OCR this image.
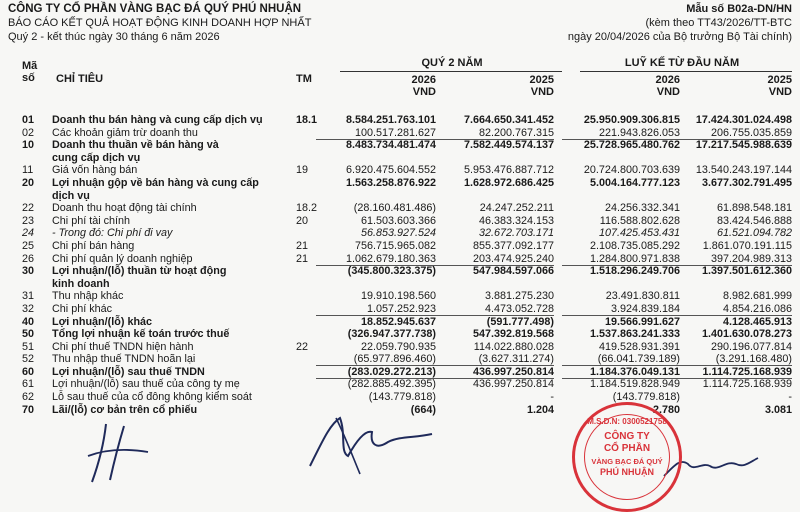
CÔNG TY CỔ PHẦN VÀNG BẠC ĐÁ QUÝ PHÚ NHUẬN
BÁO CÁO KẾT QUẢ HOẠT ĐỘNG KINH DOANH HỢP NHẤT
Quý 2 - kết thúc ngày 30 tháng 6 năm 2026
Mẫu số B02a-DN/HN
(kèm theo TT43/2026/TT-BTC
ngày 20/04/2026 của Bộ trưởng Bộ Tài chính)
Mã
số CHỈ TIÊU	TM
QUÝ 2 NĂM	LUỸ KẾ TỪ ĐẦU NĂM
2026
VND
2025
VND
2026
VND
2025
VND
01 Doanh thu bán hàng và cung cấp dịch vụ	18.1	8.584.251.763.101	7.664.650.341.452	25.950.909.306.815 17.424.301.024.498
02 Các khoản giảm trừ doanh thu	100.517.281.627	82.200.767.315	221.943.826.053	206.755.035.859
10 Doanh thu thuần về bán hàng và	8.483.734.481.474	7.582.449.574.137	25.728.965.480.762 17.217.545.988.639
cung cấp dịch vụ
11 Giá vốn hàng bán	19	6.920.475.604.552	5.953.476.887.712	20.724.800.703.639 13.540.243.197.144
20 Lợi nhuận gộp về bán hàng và cung cấp	1.563.258.876.922	1.628.972.686.425	5.004.164.777.123 3.677.302.791.495
dịch vụ
22 Doanh thu hoạt động tài chính	18.2	(28.160.481.486)	24.247.252.211	24.256.332.341	61.898.548.181
23 Chi phí tài chính	20	61.503.603.366	46.383.324.153	116.588.802.628	83.424.546.888
24 - Trong đó: Chi phí đi vay	56.853.927.524	32.672.703.171	107.425.453.431	61.521.094.782
25 Chi phí bán hàng	21	756.715.965.082	855.377.092.177	2.108.735.085.292 1.861.070.191.115
26 Chi phí quản lý doanh nghiệp	21	1.062.679.180.363	203.474.925.240	1.284.800.971.838	397.204.989.313
30 Lợi nhuận/(lỗ) thuần từ hoạt động	(345.800.323.375)	547.984.597.066	1.518.296.249.706 1.397.501.612.360
kinh doanh
31 Thu nhập khác	19.910.198.560	3.881.275.230	23.491.830.811	8.982.681.999
32 Chi phí khác	1.057.252.923	4.473.052.728	3.924.839.184	4.854.216.086
40 Lợi nhuận/(lỗ) khác	18.852.945.637	(591.777.498)	19.566.991.627	4.128.465.913
50 Tổng lợi nhuận kế toán trước thuế	(326.947.377.738)	547.392.819.568	1.537.863.241.333 1.401.630.078.273
51 Chi phí thuế TNDN hiện hành	22	22.059.790.935	114.022.880.028	419.528.931.391	290.196.077.814
52 Thu nhập thuế TNDN hoãn lại	(65.977.896.460)	(3.627.311.274)	(66.041.739.189)	(3.291.168.480)
60 Lợi nhuận/(lỗ) sau thuế TNDN	(283.029.272.213)	436.997.250.814	1.184.376.049.131 1.114.725.168.939
61 Lợi nhuận/(lỗ) sau thuế của công ty mẹ	(282.885.492.395)	436.997.250.814	1.184.519.828.949 1.114.725.168.939
62 Lỗ sau thuế của cổ đông không kiểm soát	(143.779.818)	-	(143.779.818)	-
70 Lãi/(lỗ) cơ bản trên cổ phiếu	(664)	1.204	2.780	3.081
M.S.D.N: 0300521758
CÔNG TY
CỔ PHẦN
VÀNG BẠC ĐÁ QUÝ
PHÚ NHUẬN
